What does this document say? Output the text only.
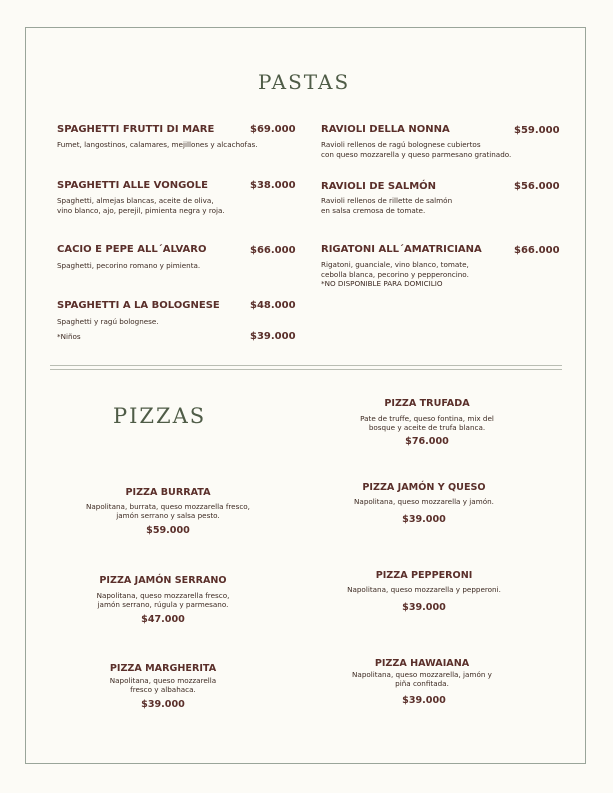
PASTAS
SPAGHETTI FRUTTI DI MARE	$69.000
Fumet, langostinos, calamares, mejillones y alcachofas.
SPAGHETTI ALLE VONGOLE	$38.000
Spaghetti, almejas blancas, aceite de oliva,
vino blanco, ajo, perejil, pimienta negra y roja.
CACIO E PEPE ALL´ALVARO	$66.000
Spaghetti, pecorino romano y pimienta.
SPAGHETTI A LA BOLOGNESE	$48.000
Spaghetti y ragú bolognese.
*Niños	$39.000
RAVIOLI DELLA NONNA	$59.000
Ravioli rellenos de ragú bolognese cubiertos
con queso mozzarella y queso parmesano gratinado.
RAVIOLI DE SALMÓN	$56.000
Ravioli rellenos de rillette de salmón
en salsa cremosa de tomate.
RIGATONI ALL´AMATRICIANA	$66.000
Rigatoni, guanciale, vino blanco, tomate,
cebolla blanca, pecorino y pepperoncino.
*NO DISPONIBLE PARA DOMICILIO
PIZZAS
PIZZA BURRATA
Napolitana, burrata, queso mozzarella fresco,
jamón serrano y salsa pesto.
$59.000
PIZZA JAMÓN SERRANO
Napolitana, queso mozzarella fresco,
jamón serrano, rúgula y parmesano.
$47.000
PIZZA MARGHERITA
Napolitana, queso mozzarella
fresco y albahaca.
$39.000
PIZZA TRUFADA
Pate de truffe, queso fontina, mix del
bosque y aceite de trufa blanca.
$76.000
PIZZA JAMÓN Y QUESO
Napolitana, queso mozzarella y jamón.
$39.000
PIZZA PEPPERONI
Napolitana, queso mozzarella y pepperoni.
$39.000
PIZZA HAWAIANA
Napolitana, queso mozzarella, jamón y
piña confitada.
$39.000
